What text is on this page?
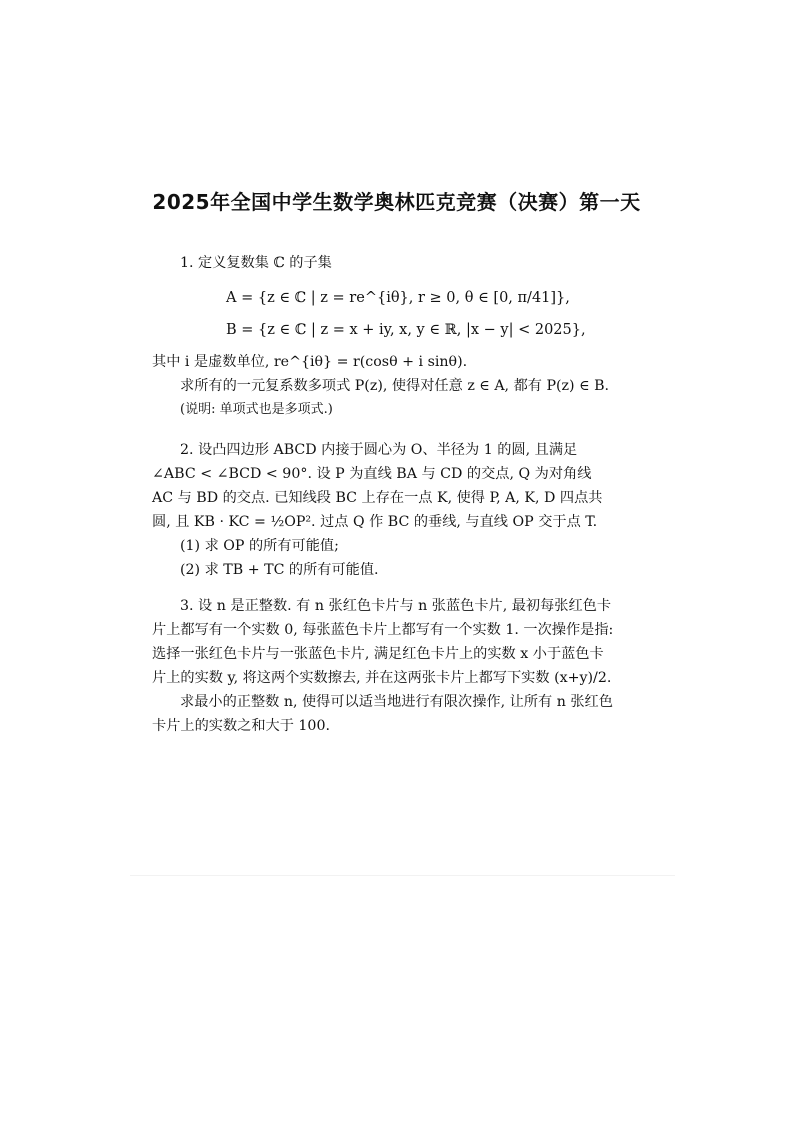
2025年全国中学生数学奥林匹克竞赛（决赛）第一天
1. 定义复数集 ℂ 的子集
A = {z ∈ ℂ | z = re^{iθ}, r ≥ 0, θ ∈ [0, π/41]},
B = {z ∈ ℂ | z = x + iy, x, y ∈ ℝ, |x − y| < 2025},
其中 i 是虚数单位, re^{iθ} = r(cosθ + i sinθ).
求所有的一元复系数多项式 P(z), 使得对任意 z ∈ A, 都有 P(z) ∈ B.
(说明: 单项式也是多项式.)
2. 设凸四边形 ABCD 内接于圆心为 O、半径为 1 的圆, 且满足
∠ABC < ∠BCD < 90°. 设 P 为直线 BA 与 CD 的交点, Q 为对角线
AC 与 BD 的交点. 已知线段 BC 上存在一点 K, 使得 P, A, K, D 四点共
圆, 且 KB · KC = ½OP². 过点 Q 作 BC 的垂线, 与直线 OP 交于点 T.
(1) 求 OP 的所有可能值;
(2) 求 TB + TC 的所有可能值.
3. 设 n 是正整数. 有 n 张红色卡片与 n 张蓝色卡片, 最初每张红色卡
片上都写有一个实数 0, 每张蓝色卡片上都写有一个实数 1. 一次操作是指:
选择一张红色卡片与一张蓝色卡片, 满足红色卡片上的实数 x 小于蓝色卡
片上的实数 y, 将这两个实数擦去, 并在这两张卡片上都写下实数 (x+y)/2.
求最小的正整数 n, 使得可以适当地进行有限次操作, 让所有 n 张红色
卡片上的实数之和大于 100.
